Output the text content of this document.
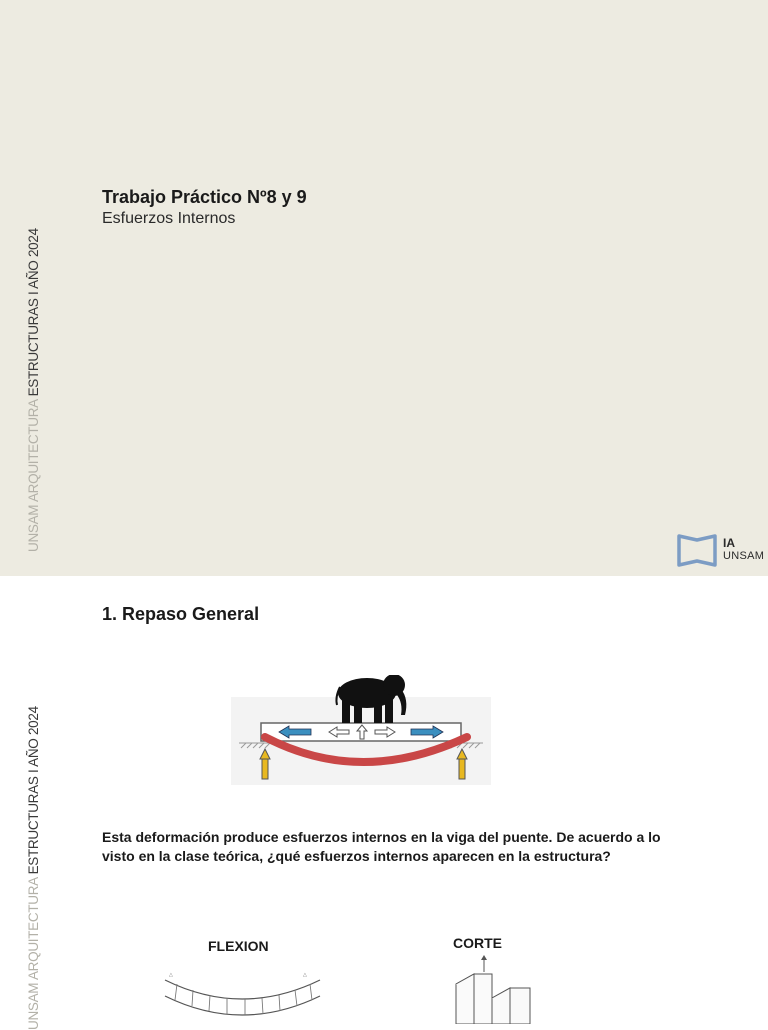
UNSAM ARQUITECTURA ESTRUCTURAS I AÑO 2024
Trabajo Práctico Nº8 y 9
Esfuerzos Internos
IA
UNSAM
UNSAM ARQUITECTURA ESTRUCTURAS I AÑO 2024
1. Repaso General
Esta deformación produce esfuerzos internos en la viga del puente. De acuerdo a lo visto en la clase teórica, ¿qué esfuerzos internos aparecen en la estructura?
FLEXION	CORTE
△	△
